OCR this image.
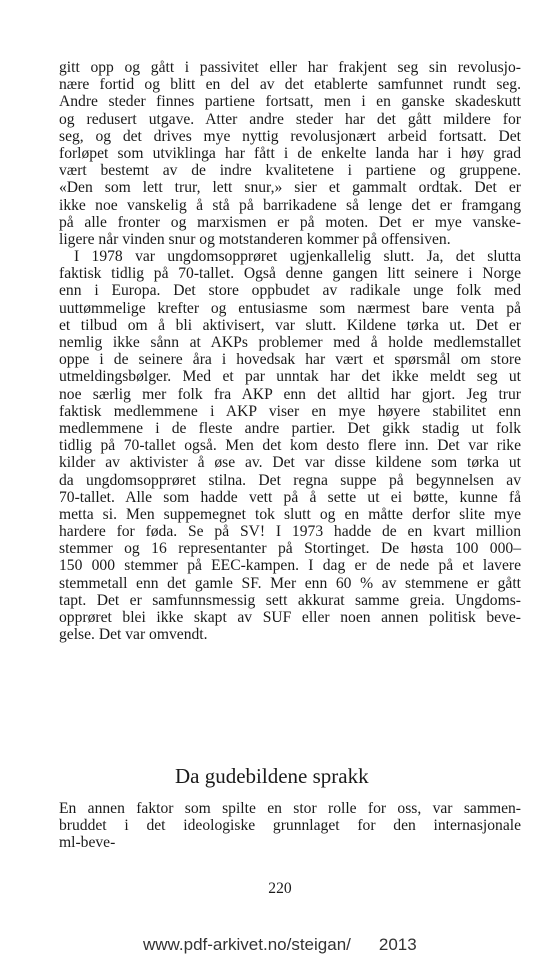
gitt opp og gått i passivitet eller har frakjent seg sin revolusjo-
nære fortid og blitt en del av det etablerte samfunnet rundt seg.
Andre steder finnes partiene fortsatt, men i en ganske skadeskutt
og redusert utgave. Atter andre steder har det gått mildere for
seg, og det drives mye nyttig revolusjonært arbeid fortsatt. Det
forløpet som utviklinga har fått i de enkelte landa har i høy grad
vært bestemt av de indre kvalitetene i partiene og gruppene.
«Den som lett trur, lett snur,» sier et gammalt ordtak. Det er
ikke noe vanskelig å stå på barrikadene så lenge det er framgang
på alle fronter og marxismen er på moten. Det er mye vanske-
ligere når vinden snur og motstanderen kommer på offensiven.
I 1978 var ungdomsopprøret ugjenkallelig slutt. Ja, det slutta
faktisk tidlig på 70-tallet. Også denne gangen litt seinere i Norge
enn i Europa. Det store oppbudet av radikale unge folk med
uuttømmelige krefter og entusiasme som nærmest bare venta på
et tilbud om å bli aktivisert, var slutt. Kildene tørka ut. Det er
nemlig ikke sånn at AKPs problemer med å holde medlemstallet
oppe i de seinere åra i hovedsak har vært et spørsmål om store
utmeldingsbølger. Med et par unntak har det ikke meldt seg ut
noe særlig mer folk fra AKP enn det alltid har gjort. Jeg trur
faktisk medlemmene i AKP viser en mye høyere stabilitet enn
medlemmene i de fleste andre partier. Det gikk stadig ut folk
tidlig på 70-tallet også. Men det kom desto flere inn. Det var rike
kilder av aktivister å øse av. Det var disse kildene som tørka ut
da ungdomsopprøret stilna. Det regna suppe på begynnelsen av
70-tallet. Alle som hadde vett på å sette ut ei bøtte, kunne få
metta si. Men suppemegnet tok slutt og en måtte derfor slite mye
hardere for føda. Se på SV! I 1973 hadde de en kvart million
stemmer og 16 representanter på Stortinget. De høsta 100 000–
150 000 stemmer på EEC-kampen. I dag er de nede på et lavere
stemmetall enn det gamle SF. Mer enn 60 % av stemmene er gått
tapt. Det er samfunnsmessig sett akkurat samme greia. Ungdoms-
opprøret blei ikke skapt av SUF eller noen annen politisk beve-
gelse. Det var omvendt.
Da gudebildene sprakk
En annen faktor som spilte en stor rolle for oss, var sammen-
bruddet i det ideologiske grunnlaget for den internasjonale
ml-beve-
220
www.pdf-arkivet.no/steigan/ 2013
